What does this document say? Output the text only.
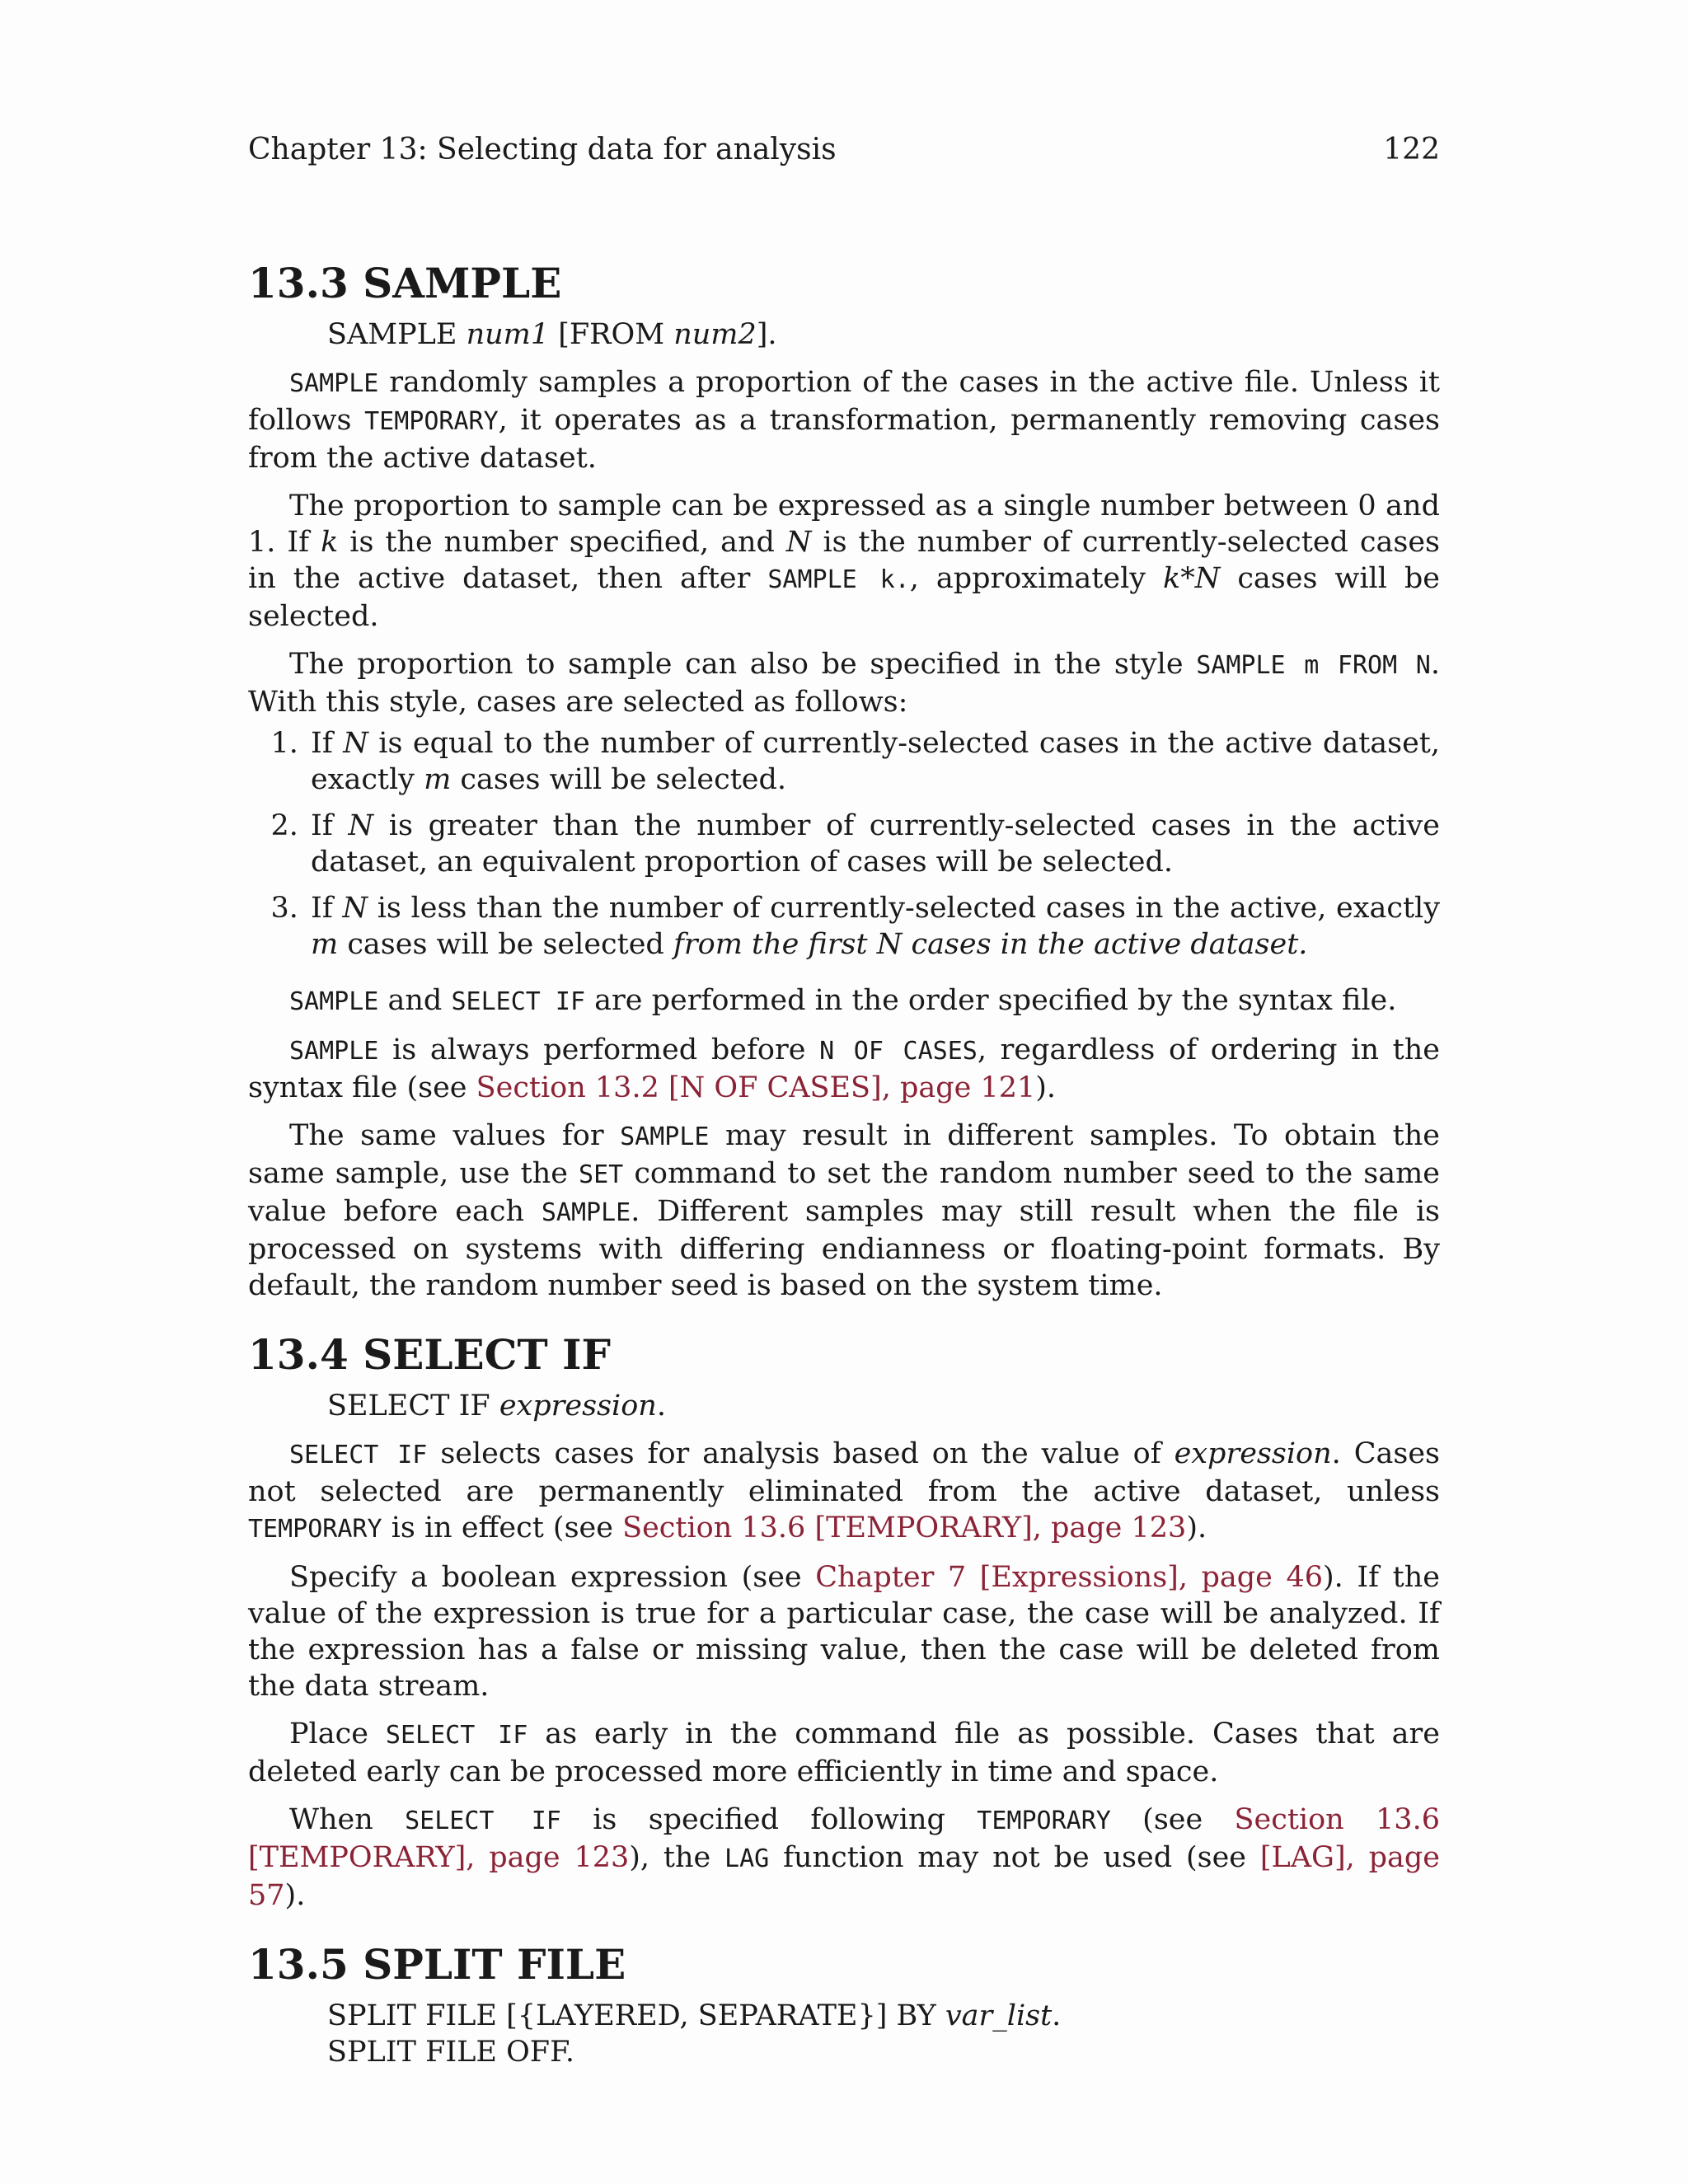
Chapter 13: Selecting data for analysis	122
13.3 SAMPLE
SAMPLE num1 [FROM num2].

SAMPLE randomly samples a proportion of the cases in the active file. Unless it follows TEMPORARY, it operates as a transformation, permanently removing cases from the active dataset.

The proportion to sample can be expressed as a single number between 0 and 1. If k is the number specified, and N is the number of currently-selected cases in the active dataset, then after SAMPLE k., approximately k*N cases will be selected.

The proportion to sample can also be specified in the style SAMPLE m FROM N. With this style, cases are selected as follows:

1. If N is equal to the number of currently-selected cases in the active dataset, exactly m cases will be selected.
2. If N is greater than the number of currently-selected cases in the active dataset, an equivalent proportion of cases will be selected.
3. If N is less than the number of currently-selected cases in the active, exactly m cases will be selected from the first N cases in the active dataset.

SAMPLE and SELECT IF are performed in the order specified by the syntax file.

SAMPLE is always performed before N OF CASES, regardless of ordering in the syntax file (see Section 13.2 [N OF CASES], page 121).

The same values for SAMPLE may result in different samples. To obtain the same sample, use the SET command to set the random number seed to the same value before each SAMPLE. Different samples may still result when the file is processed on systems with differing endianness or floating-point formats. By default, the random number seed is based on the system time.

13.4 SELECT IF
SELECT IF expression.

SELECT IF selects cases for analysis based on the value of expression. Cases not selected are permanently eliminated from the active dataset, unless TEMPORARY is in effect (see Section 13.6 [TEMPORARY], page 123).

Specify a boolean expression (see Chapter 7 [Expressions], page 46). If the value of the expression is true for a particular case, the case will be analyzed. If the expression has a false or missing value, then the case will be deleted from the data stream.

Place SELECT IF as early in the command file as possible. Cases that are deleted early can be processed more efficiently in time and space.

When SELECT IF is specified following TEMPORARY (see Section 13.6 [TEMPORARY], page 123), the LAG function may not be used (see [LAG], page 57).

13.5 SPLIT FILE
SPLIT FILE [{LAYERED, SEPARATE}] BY var_list.
SPLIT FILE OFF.
